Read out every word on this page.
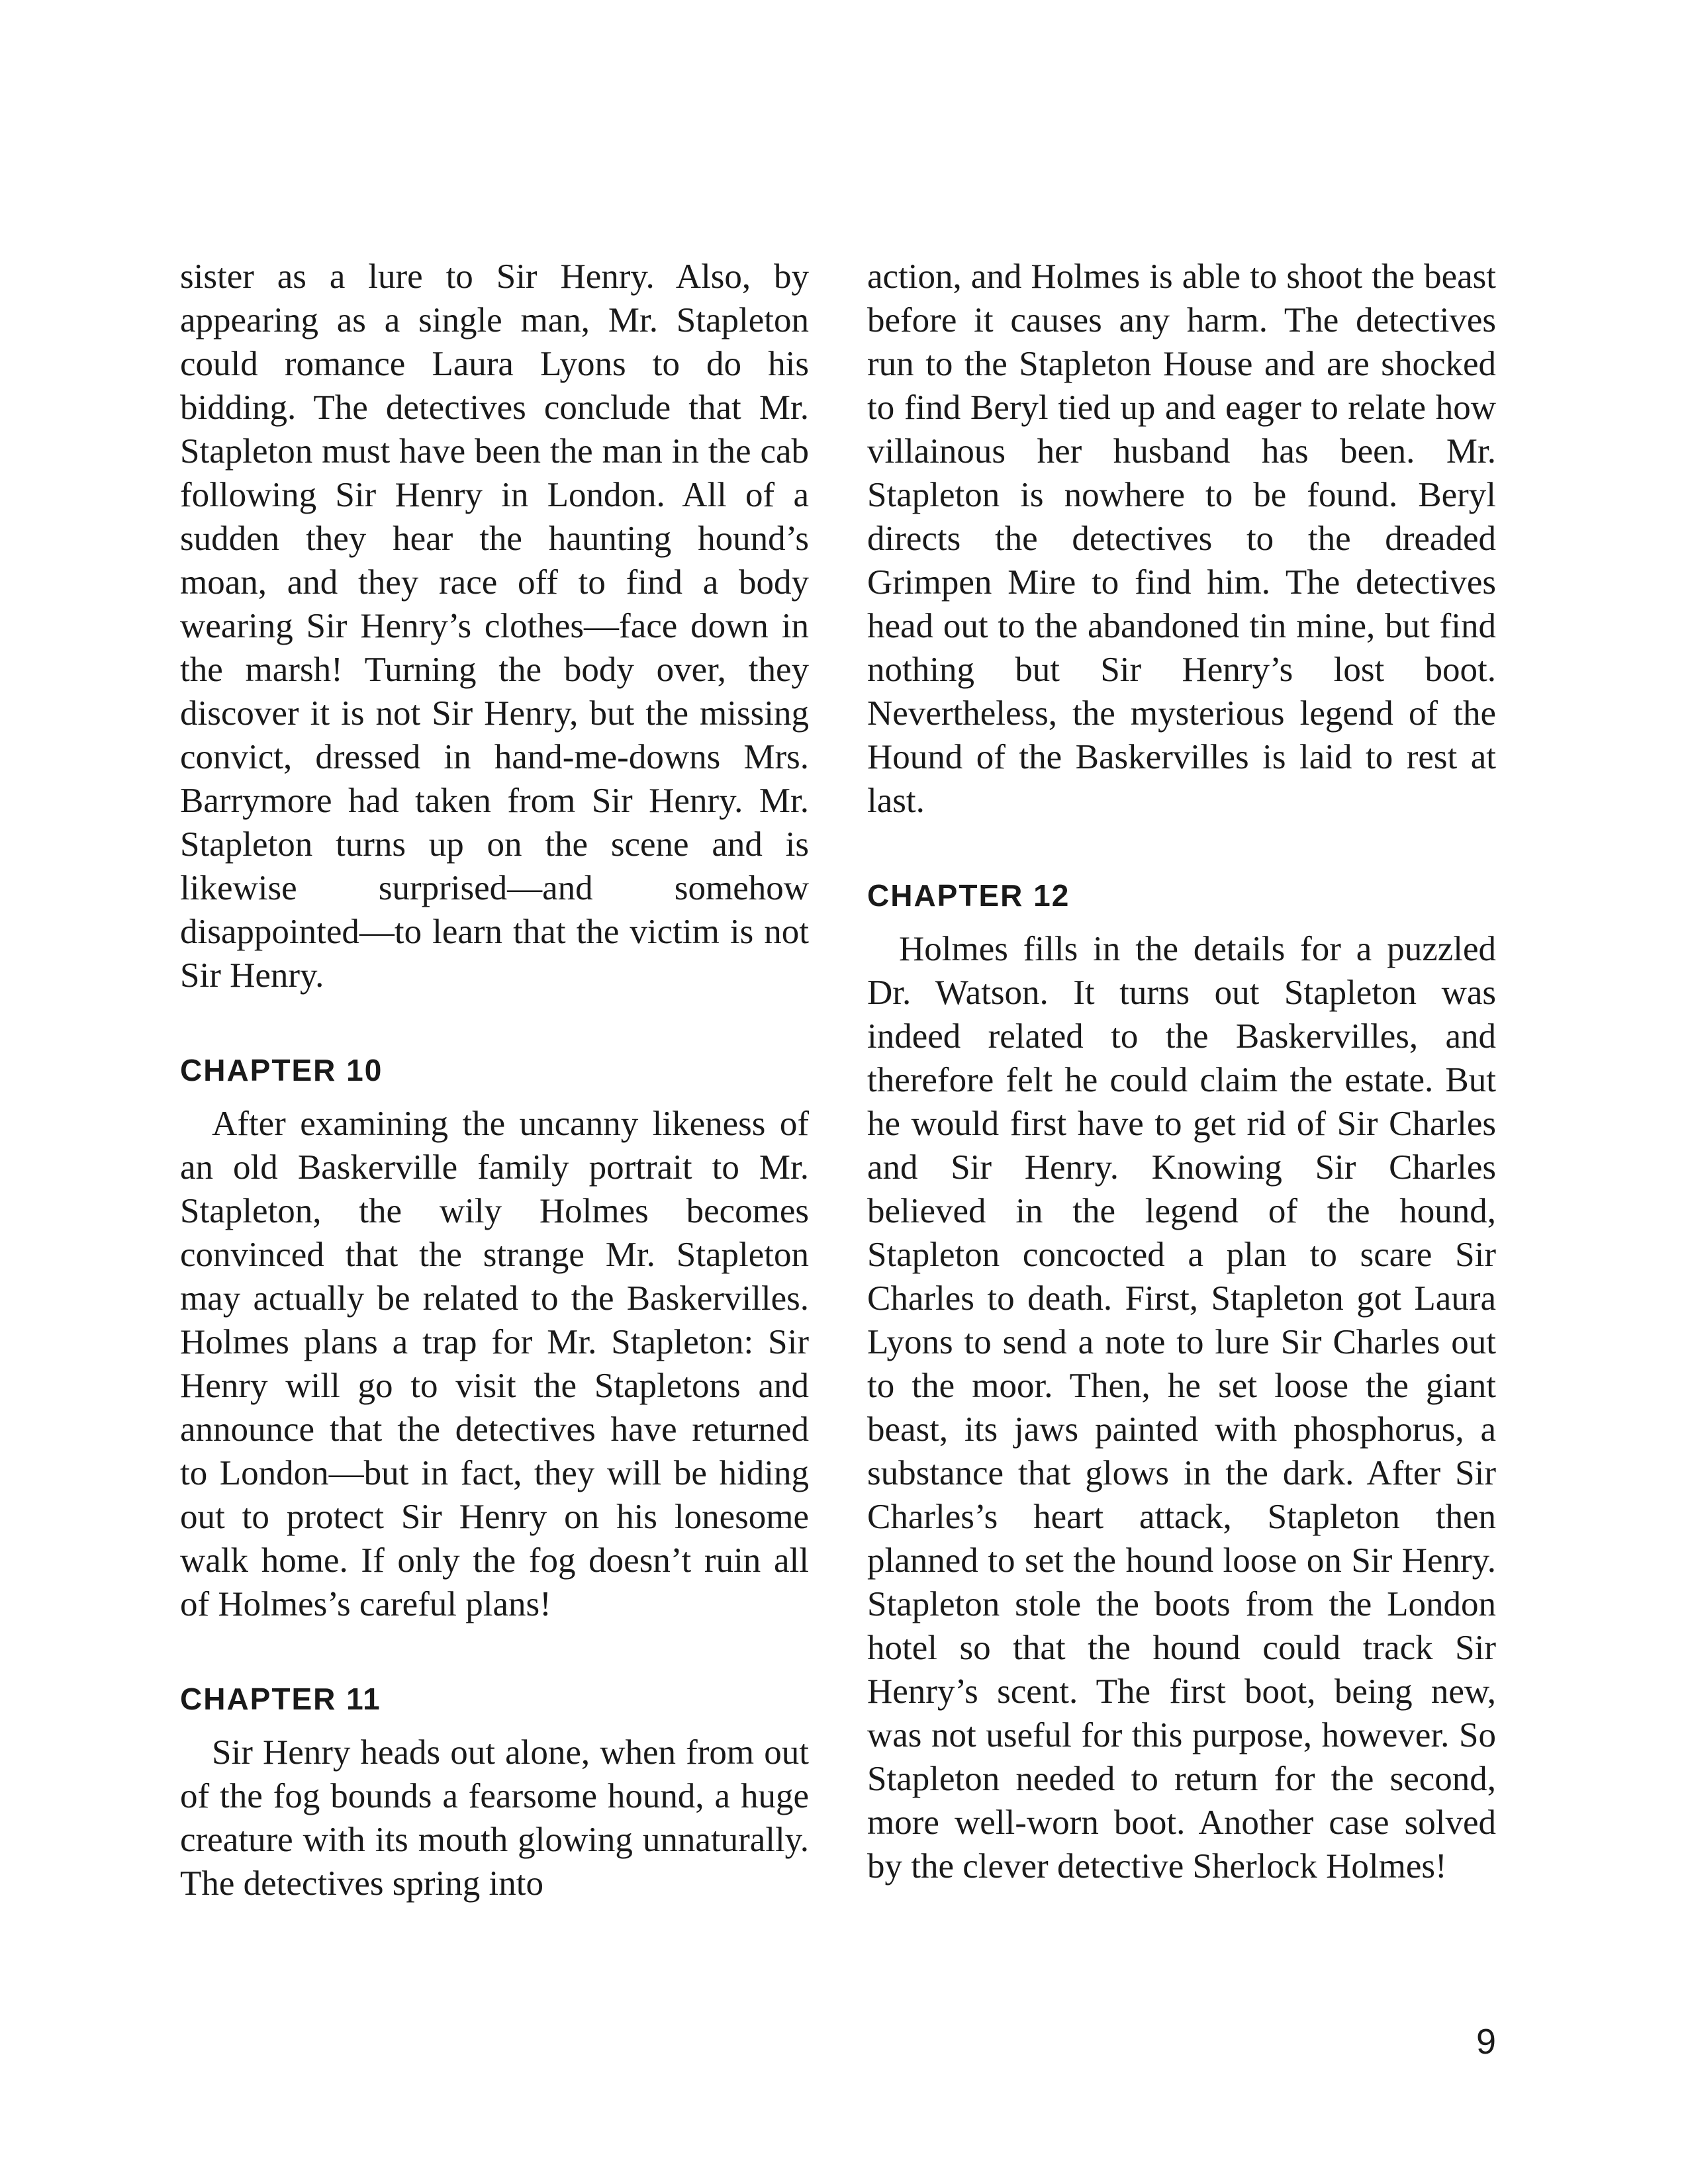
sister as a lure to Sir Henry. Also, by appearing as a single man, Mr. Stapleton could romance Laura Lyons to do his bidding. The detectives conclude that Mr. Stapleton must have been the man in the cab following Sir Henry in London. All of a sudden they hear the haunting hound’s moan, and they race off to find a body wearing Sir Henry’s clothes—face down in the marsh! Turning the body over, they discover it is not Sir Henry, but the missing convict, dressed in hand-me-downs Mrs. Barrymore had taken from Sir Henry. Mr. Stapleton turns up on the scene and is likewise surprised—and somehow disappointed—to learn that the victim is not Sir Henry.

CHAPTER 10

After examining the uncanny likeness of an old Baskerville family portrait to Mr. Stapleton, the wily Holmes becomes convinced that the strange Mr. Stapleton may actually be related to the Baskervilles. Holmes plans a trap for Mr. Stapleton: Sir Henry will go to visit the Stapletons and announce that the detectives have returned to London—but in fact, they will be hiding out to protect Sir Henry on his lonesome walk home. If only the fog doesn’t ruin all of Holmes’s careful plans!

CHAPTER 11

Sir Henry heads out alone, when from out of the fog bounds a fearsome hound, a huge creature with its mouth glowing unnaturally. The detectives spring into

action, and Holmes is able to shoot the beast before it causes any harm. The detectives run to the Stapleton House and are shocked to find Beryl tied up and eager to relate how villainous her husband has been. Mr. Stapleton is nowhere to be found. Beryl directs the detectives to the dreaded Grimpen Mire to find him. The detectives head out to the abandoned tin mine, but find nothing but Sir Henry’s lost boot. Nevertheless, the mysterious legend of the Hound of the Baskervilles is laid to rest at last.

CHAPTER 12

Holmes fills in the details for a puzzled Dr. Watson. It turns out Stapleton was indeed related to the Baskervilles, and therefore felt he could claim the estate. But he would first have to get rid of Sir Charles and Sir Henry. Knowing Sir Charles believed in the legend of the hound, Stapleton concocted a plan to scare Sir Charles to death. First, Stapleton got Laura Lyons to send a note to lure Sir Charles out to the moor. Then, he set loose the giant beast, its jaws painted with phosphorus, a substance that glows in the dark. After Sir Charles’s heart attack, Stapleton then planned to set the hound loose on Sir Henry. Stapleton stole the boots from the London hotel so that the hound could track Sir Henry’s scent. The first boot, being new, was not useful for this purpose, however. So Stapleton needed to return for the second, more well-worn boot. Another case solved by the clever detective Sherlock Holmes!

9
